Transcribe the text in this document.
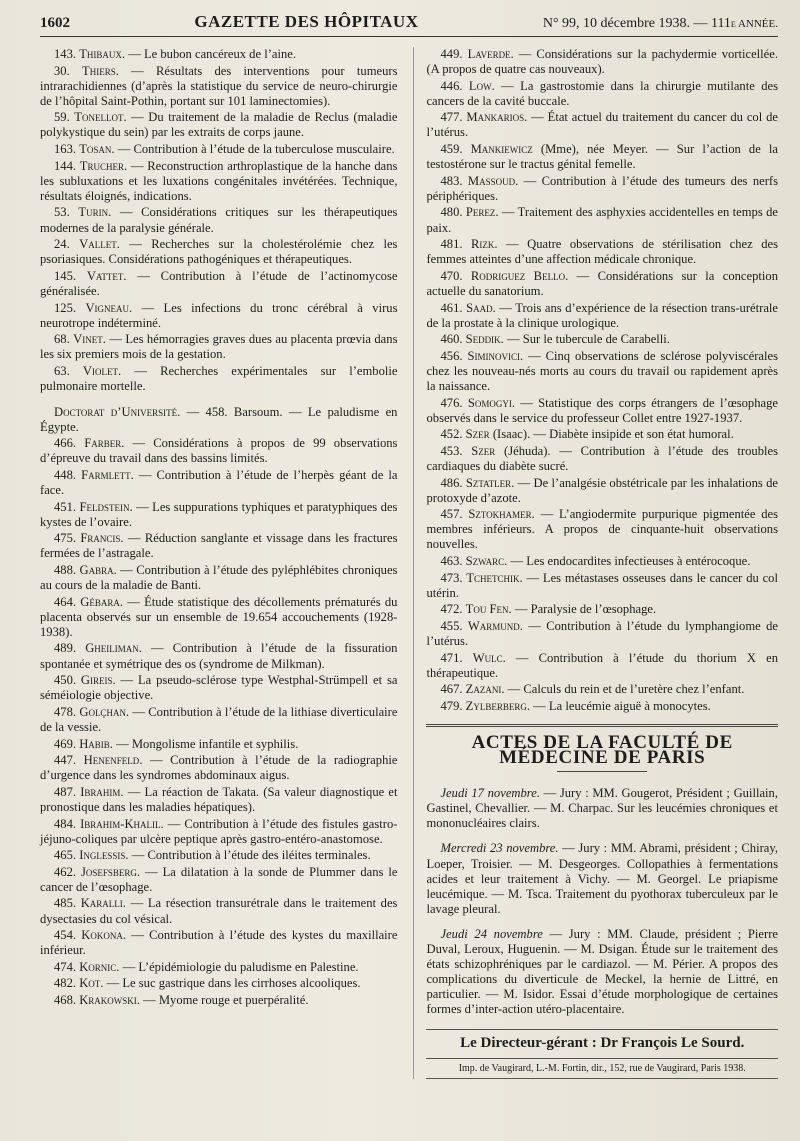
1602	GAZETTE DES HÔPITAUX	N° 99, 10 décembre 1938. — 111e ANNÉE.

143. Thibaux. — Le bubon cancéreux de l’aine.

30. Thiers. — Résultats des interventions pour tumeurs intrarachidiennes (d’après la statistique du service de neuro-chirurgie de l’hôpital Saint-Pothin, portant sur 101 laminectomies).

59. Tonelloт. — Du traitement de la maladie de Reclus (maladie polykystique du sein) par les extraits de corps jaune.

163. Tosan. — Contribution à l’étude de la tuberculose musculaire.

144. Trucher. — Reconstruction arthroplastique de la hanche dans les subluxations et les luxations congénitales invétérées. Technique, résultats éloignés, indications.

53. Turin. — Considérations critiques sur les thérapeutiques modernes de la paralysie générale.

24. Vallet. — Recherches sur la cholestérolémie chez les psoriasiques. Considérations pathogéniques et thérapeutiques.

145. Vattet. — Contribution à l’étude de l’actinomycose généralisée.

125. Vigneau. — Les infections du tronc cérébral à virus neurotrope indéterminé.

68. Vinet. — Les hémorragies graves dues au placenta prœvia dans les six premiers mois de la gestation.

63. Violet. — Recherches expérimentales sur l’embolie pulmonaire mortelle.

Doctorat d’Université. — 458. Barsoum. — Le paludisme en Égypte.

466. Farber. — Considérations à propos de 99 observations d’épreuve du travail dans des bassins limités.

448. Farmlett. — Contribution à l’étude de l’herpès géant de la face.

451. Feldstein. — Les suppurations typhiques et paratyphiques des kystes de l’ovaire.

475. Francis. — Réduction sanglante et vissage dans les fractures fermées de l’astragale.

488. Gabra. — Contribution à l’étude des pyléphlébites chroniques au cours de la maladie de Banti.

464. Gébara. — Étude statistique des décollements prématurés du placenta observés sur un ensemble de 19.654 accouchements (1928-1938).

489. Gheiliman. — Contribution à l’étude de la fissuration spontanée et symétrique des os (syndrome de Milkman).

450. Gireis. — La pseudo-sclérose type Westphal-Strümpell et sa séméiologie objective.

478. Golçhan. — Contribution à l’étude de la lithiase diverticulaire de la vessie.

469. Habib. — Mongolisme infantile et syphilis.

447. Henenfeld. — Contribution à l’étude de la radiographie d’urgence dans les syndromes abdominaux aigus.

487. Ibrahim. — La réaction de Takata. (Sa valeur diagnostique et pronostique dans les maladies hépatiques).

484. Ibrahim-Khalil. — Contribution à l’étude des fistules gastro-jéjuno-coliques par ulcère peptique après gastro-entéro-anastomose.

465. Inglessis. — Contribution à l’étude des iléites terminales.

462. Josefsberg. — La dilatation à la sonde de Plummer dans le cancer de l’œsophage.

485. Karalli. — La résection transurétrale dans le traitement des dysectasies du col vésical.

454. Kokona. — Contribution à l’étude des kystes du maxillaire inférieur.

474. Kornic. — L’épidémiologie du paludisme en Palestine.

482. Kot. — Le suc gastrique dans les cirrhoses alcooliques.

468. Krakowski. — Myome rouge et puerpéralité.

449. Laverde. — Considérations sur la pachydermie vorticellée. (A propos de quatre cas nouveaux).

446. Low. — La gastrostomie dans la chirurgie mutilante des cancers de la cavité buccale.

477. Mankarios. — État actuel du traitement du cancer du col de l’utérus.

459. Mankiewicz (Mme), née Meyer. — Sur l’action de la testostérone sur le tractus génital femelle.

483. Massoud. — Contribution à l’étude des tumeurs des nerfs périphériques.

480. Perez. — Traitement des asphyxies accidentelles en temps de paix.

481. Rizk. — Quatre observations de stérilisation chez des femmes atteintes d’une affection médicale chronique.

470. Rodriguez Bello. — Considérations sur la conception actuelle du sanatorium.

461. Saad. — Trois ans d’expérience de la résection trans-urétrale de la prostate à la clinique urologique.

460. Seddik. — Sur le tubercule de Carabelli.

456. Siminovici. — Cinq observations de sclérose polyviscérales chez les nouveau-nés morts au cours du travail ou rapidement après la naissance.

476. Somogyi. — Statistique des corps étrangers de l’œsophage observés dans le service du professeur Collet entre 1927-1937.

452. Szer (Isaac). — Diabète insipide et son état humoral.

453. Szer (Jéhuda). — Contribution à l’étude des troubles cardiaques du diabète sucré.

486. Sztatler. — De l’analgésie obstétricale par les inhalations de protoxyde d’azote.

457. Sztokhamer. — L’angiodermite purpurique pigmentée des membres inférieurs. A propos de cinquante-huit observations nouvelles.

463. Szwarc. — Les endocardites infectieuses à entérocoque.

473. Tcheтchik. — Les métastases osseuses dans le cancer du col utérin.

472. Tou Fen. — Paralysie de l’œsophage.

455. Warmund. — Contribution à l’étude du lymphangiome de l’utérus.

471. Wulc. — Contribution à l’étude du thorium X en thérapeutique.

467. Zazani. — Calculs du rein et de l’uretère chez l’enfant.

479. Zylberberg. — La leucémie aiguë à monocytes.

ACTES DE LA FACULTÉ DE MÉDECINE DE PARIS

Jeudi 17 novembre. — Jury : MM. Gougerot, Président ; Guillain, Gastinel, Chevallier. — M. Charpac. Sur les leucémies chroniques et mononucléaires clairs.

Mercredi 23 novembre. — Jury : MM. Abrami, président ; Chiray, Loeper, Troisier. — M. Desgeorges. Collopathies à fermentations acides et leur traitement à Vichy. — M. Georgel. Le priapisme leucémique. — M. Tsca. Traitement du pyothorax tuberculeux par le lavage pleural.

Jeudi 24 novembre — Jury : MM. Claude, président ; Pierre Duval, Leroux, Huguenin. — M. Dsigan. Étude sur le traitement des états schizophréniques par le cardiazol. — M. Périer. A propos des complications du diverticule de Meckel, la hernie de Littré, en particulier. — M. Isidor. Essai d’étude morphologique de certaines formes d’inter-action utéro-placentaire.

Le Directeur-gérant : Dr François Le Sourd.
Imp. de Vaugirard, L.-M. Fortin, dir., 152, rue de Vaugirard, Paris 1938.
